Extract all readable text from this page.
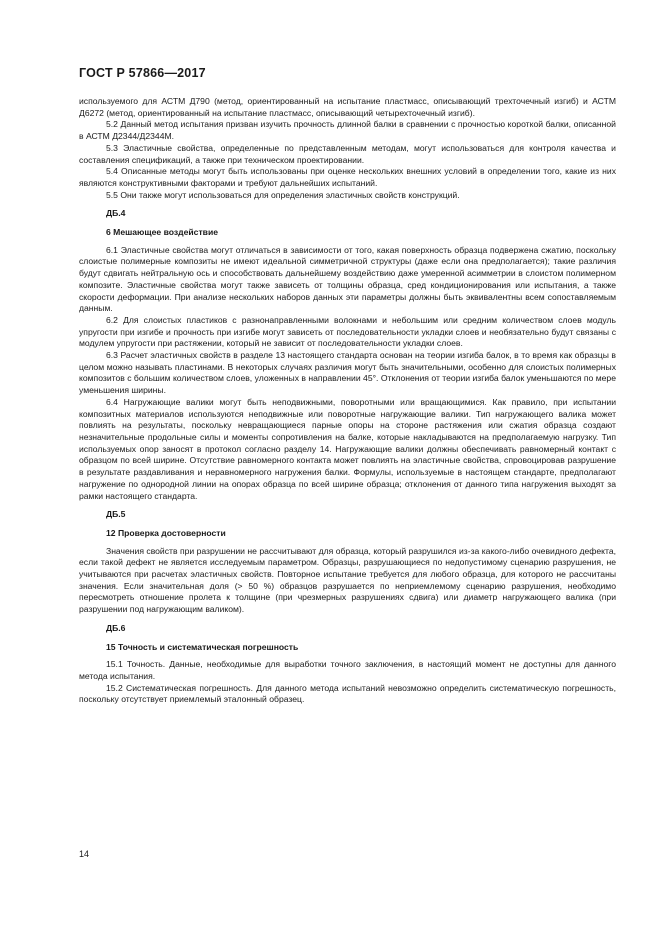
ГОСТ Р 57866—2017

используемого для АСТМ Д790 (метод, ориентированный на испытание пластмасс, описывающий трехточечный изгиб) и АСТМ Д6272 (метод, ориентированный на испытание пластмасс, описывающий четырехточечный изгиб).

5.2 Данный метод испытания призван изучить прочность длинной балки в сравнении с прочностью короткой балки, описанной в АСТМ Д2344/Д2344М.

5.3 Эластичные свойства, определенные по представленным методам, могут использоваться для контроля качества и составления спецификаций, а также при техническом проектировании.

5.4 Описанные методы могут быть использованы при оценке нескольких внешних условий в определении того, какие из них являются конструктивными факторами и требуют дальнейших испытаний.

5.5 Они также могут использоваться для определения эластичных свойств конструкций.

ДБ.4

6 Мешающее воздействие

6.1 Эластичные свойства могут отличаться в зависимости от того, какая поверхность образца подвержена сжатию, поскольку слоистые полимерные композиты не имеют идеальной симметричной структуры (даже если она предполагается); такие различия будут сдвигать нейтральную ось и способствовать дальнейшему воздействию даже умеренной асимметрии в слоистом полимерном композите. Эластичные свойства могут также зависеть от толщины образца, сред кондиционирования или испытания, а также скорости деформации. При анализе нескольких наборов данных эти параметры должны быть эквивалентны всем сопоставляемым данным.

6.2 Для слоистых пластиков с разнонаправленными волокнами и небольшим или средним количеством слоев модуль упругости при изгибе и прочность при изгибе могут зависеть от последовательности укладки слоев и необязательно будут связаны с модулем упругости при растяжении, который не зависит от последовательности укладки слоев.

6.3 Расчет эластичных свойств в разделе 13 настоящего стандарта основан на теории изгиба балок, в то время как образцы в целом можно называть пластинами. В некоторых случаях различия могут быть значительными, особенно для слоистых полимерных композитов с большим количеством слоев, уложенных в направлении 45°. Отклонения от теории изгиба балок уменьшаются по мере уменьшения ширины.

6.4 Нагружающие валики могут быть неподвижными, поворотными или вращающимися. Как правило, при испытании композитных материалов используются неподвижные или поворотные нагружающие валики. Тип нагружающего валика может повлиять на результаты, поскольку невращающиеся парные опоры на стороне растяжения или сжатия образца создают незначительные продольные силы и моменты сопротивления на балке, которые накладываются на предполагаемую нагрузку. Тип используемых опор заносят в протокол согласно разделу 14. Нагружающие валики должны обеспечивать равномерный контакт с образцом по всей ширине. Отсутствие равномерного контакта может повлиять на эластичные свойства, спровоцировав разрушение в результате раздавливания и неравномерного нагружения балки. Формулы, используемые в настоящем стандарте, предполагают нагружение по однородной линии на опорах образца по всей ширине образца; отклонения от данного типа нагружения выходят за рамки настоящего стандарта.

ДБ.5

12 Проверка достоверности

Значения свойств при разрушении не рассчитывают для образца, который разрушился из-за какого-либо очевидного дефекта, если такой дефект не является исследуемым параметром. Образцы, разрушающиеся по недопустимому сценарию разрушения, не учитываются при расчетах эластичных свойств. Повторное испытание требуется для любого образца, для которого не рассчитаны значения. Если значительная доля (> 50 %) образцов разрушается по неприемлемому сценарию разрушения, необходимо пересмотреть отношение пролета к толщине (при чрезмерных разрушениях сдвига) или диаметр нагружающего валика (при разрушении под нагружающим валиком).

ДБ.6

15 Точность и систематическая погрешность

15.1 Точность. Данные, необходимые для выработки точного заключения, в настоящий момент не доступны для данного метода испытания.

15.2 Систематическая погрешность. Для данного метода испытаний невозможно определить систематическую погрешность, поскольку отсутствует приемлемый эталонный образец.

14
